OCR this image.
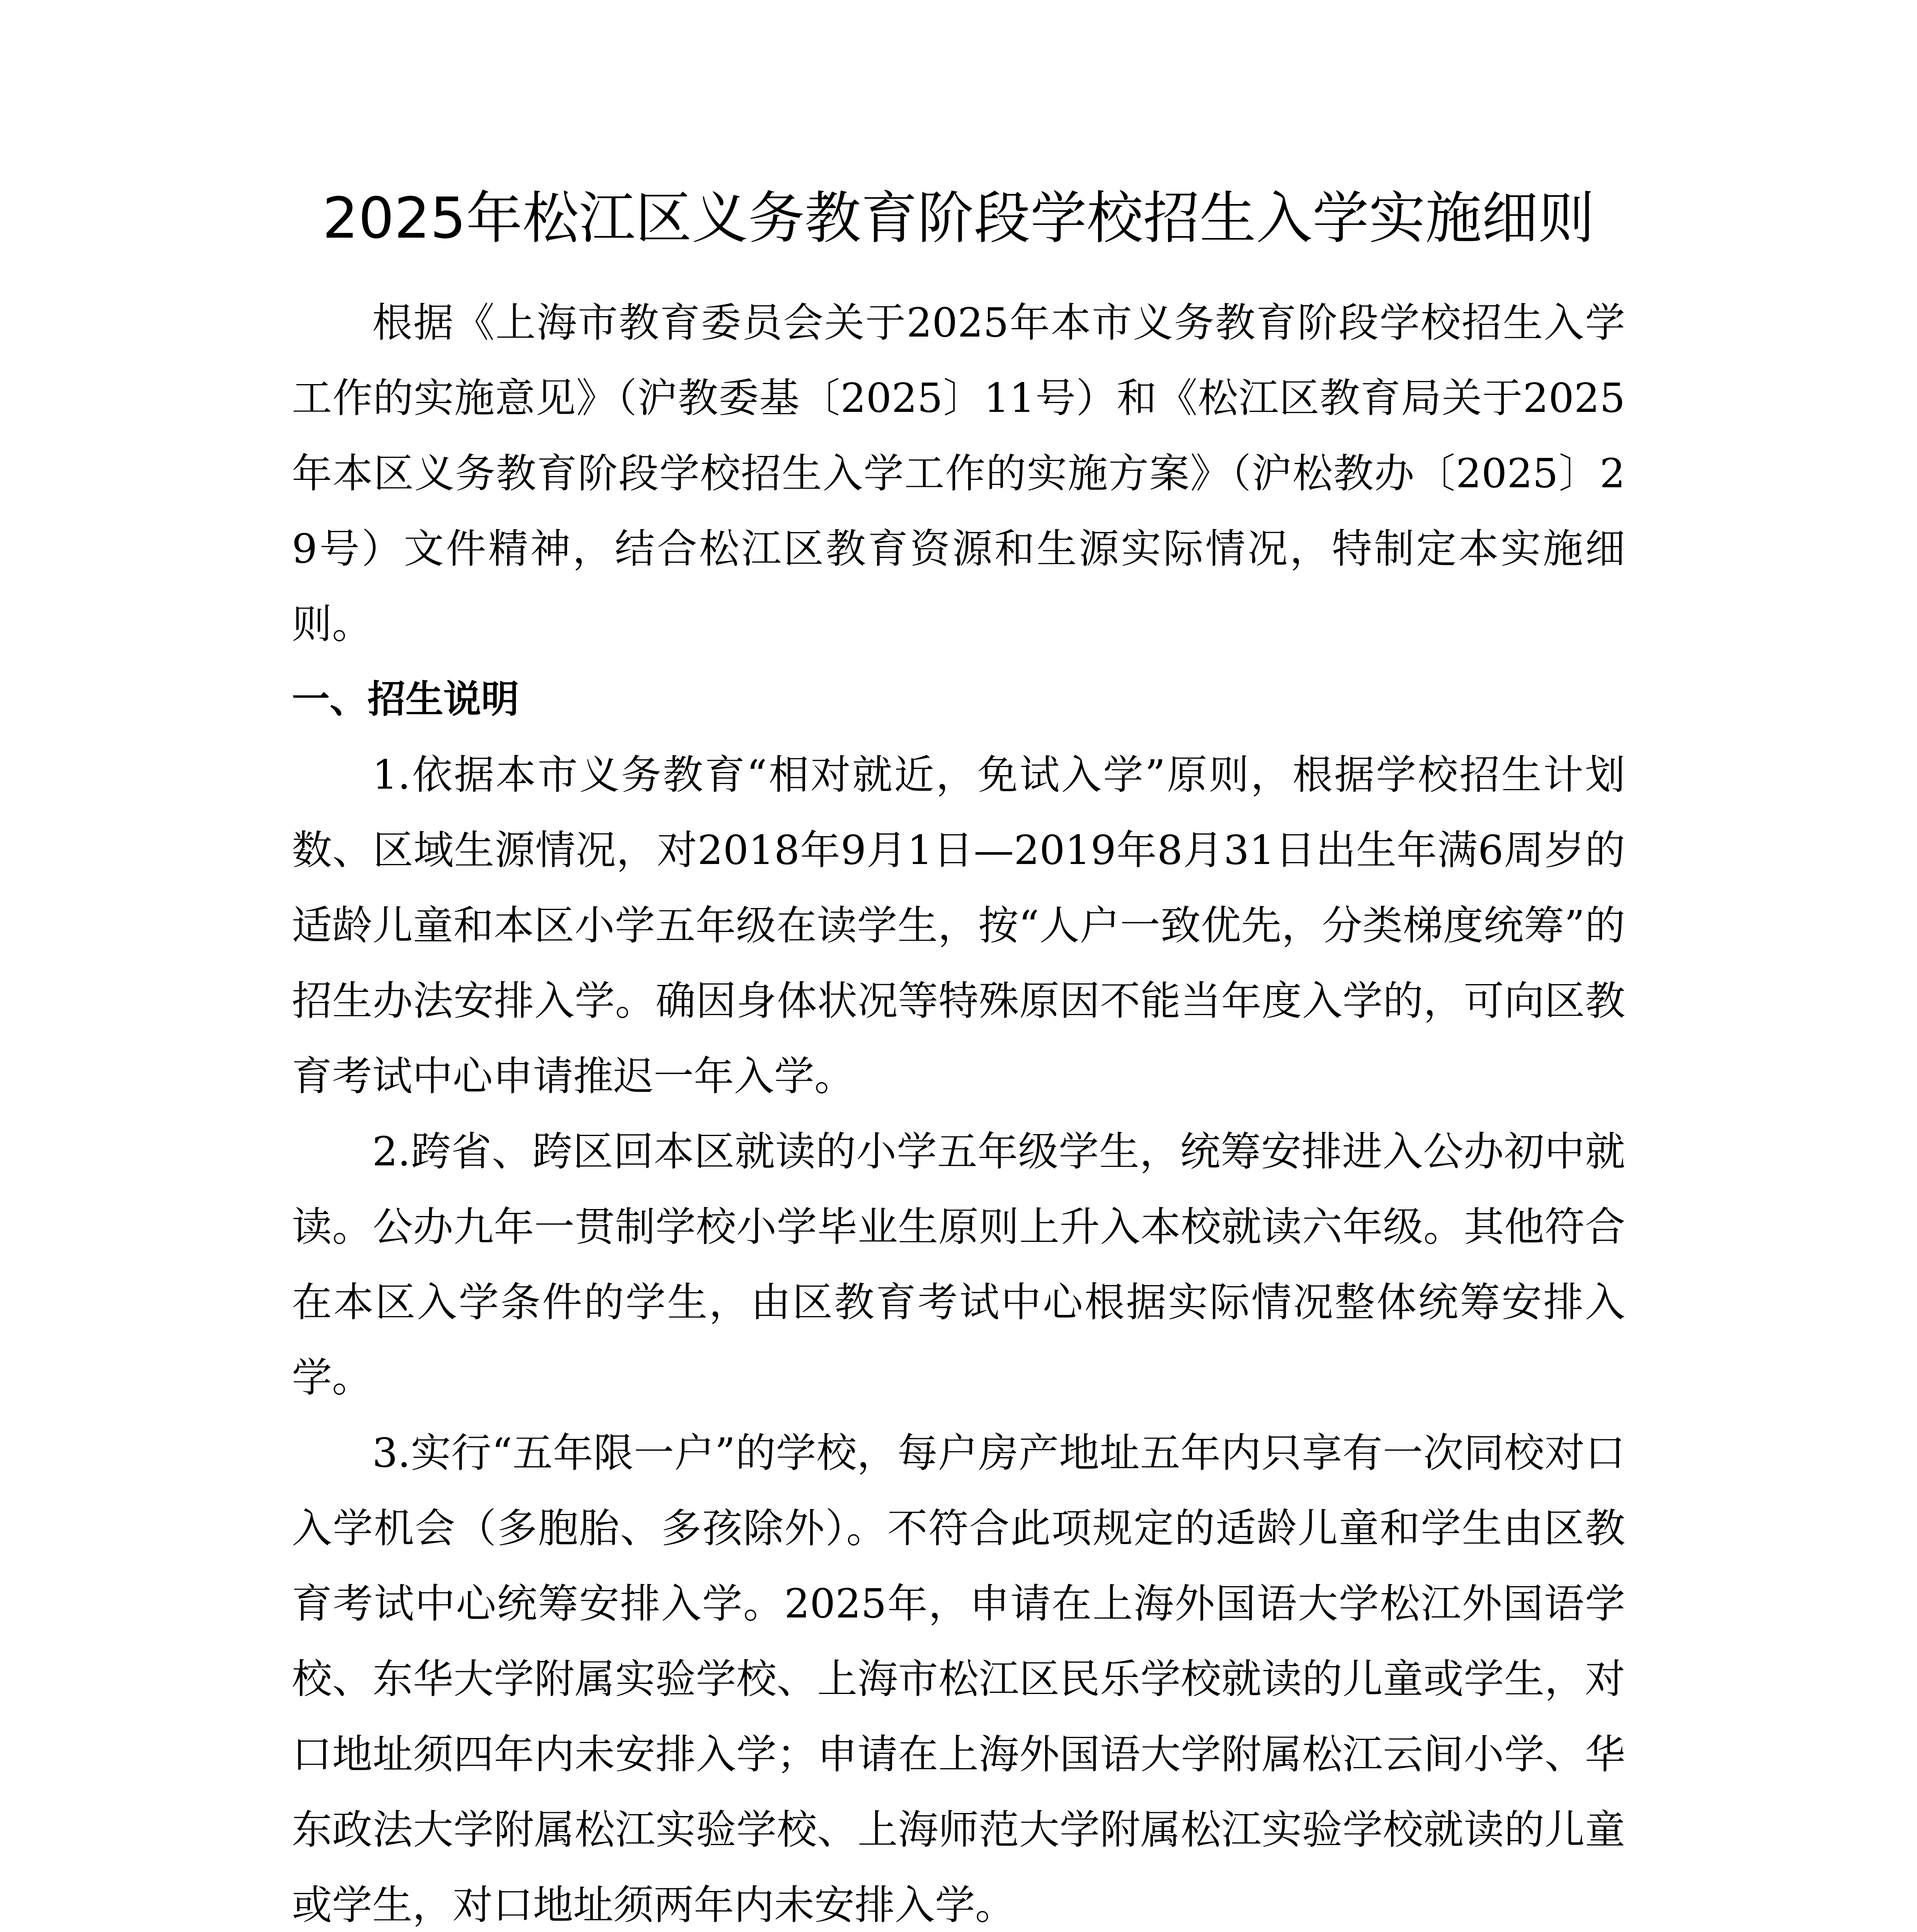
2025年松江区义务教育阶段学校招生入学实施细则

根据《上海市教育委员会关于2025年本市义务教育阶段学校招生入学工作的实施意见》（沪教委基〔2025〕11号）和《松江区教育局关于2025年本区义务教育阶段学校招生入学工作的实施方案》（沪松教办〔2025〕29号）文件精神，结合松江区教育资源和生源实际情况，特制定本实施细则。

一、招生说明

1.依据本市义务教育“相对就近，免试入学”原则，根据学校招生计划数、区域生源情况，对2018年9月1日—2019年8月31日出生年满6周岁的适龄儿童和本区小学五年级在读学生，按“人户一致优先，分类梯度统筹”的招生办法安排入学。确因身体状况等特殊原因不能当年度入学的，可向区教育考试中心申请推迟一年入学。

2.跨省、跨区回本区就读的小学五年级学生，统筹安排进入公办初中就读。公办九年一贯制学校小学毕业生原则上升入本校就读六年级。其他符合在本区入学条件的学生，由区教育考试中心根据实际情况整体统筹安排入学。

3.实行“五年限一户”的学校，每户房产地址五年内只享有一次同校对口入学机会（多胞胎、多孩除外）。不符合此项规定的适龄儿童和学生由区教育考试中心统筹安排入学。2025年，申请在上海外国语大学松江外国语学校、东华大学附属实验学校、上海市松江区民乐学校就读的儿童或学生，对口地址须四年内未安排入学；申请在上海外国语大学附属松江云间小学、华东政法大学附属松江实验学校、上海师范大学附属松江实验学校就读的儿童或学生，对口地址须两年内未安排入学。
